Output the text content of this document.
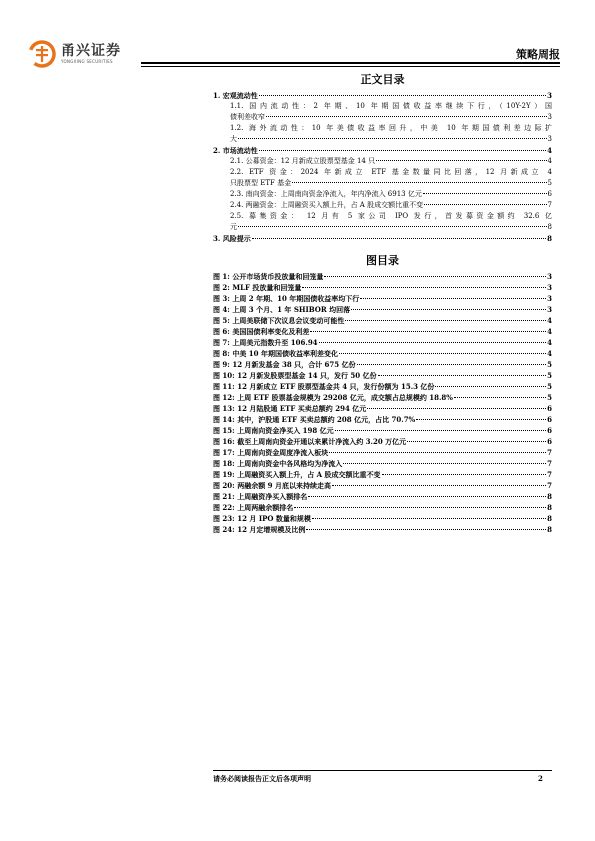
甬兴证券
YONGXING SECURITIES
策略周报
正文目录
1. 宏观流动性	3
1.1. 国内流动性：2 年期、10 年期国债收益率继续下行，（10Y-2Y）国
债利差收窄	3
1.2. 海外流动性：10 年美债收益率回升，中美 10 年期国债利差边际扩
大	3
2. 市场流动性	4
2.1. 公募资金：12 月新成立股票型基金 14 只	4
2.2. ETF 资金：2024 年新成立 ETF 基金数量同比回落，12 月新成立 4
只股票型 ETF 基金	5
2.3. 南向资金：上周南向资金净流入，年内净流入 6913 亿元	6
2.4. 两融资金：上周融资买入额上升，占 A 股成交额比重不变	7
2.5. 募集资金： 12 月有 5 家公司 IPO 发行，首发募资金额约 32.6 亿
元	8
3. 风险提示	8
图目录
图 1: 公开市场货币投放量和回笼量	3
图 2: MLF 投放量和回笼量	3
图 3: 上周 2 年期、10 年期国债收益率均下行	3
图 4: 上周 3 个月、1 年 SHIBOR 均回落	3
图 5: 上周美联储下次议息会议变动可能性	4
图 6: 美国国债利率变化及利差	4
图 7: 上周美元指数升至 106.94	4
图 8: 中美 10 年期国债收益率利差变化	4
图 9: 12 月新发基金 38 只，合计 675 亿份	5
图 10: 12 月新发股票型基金 14 只，发行 50 亿份	5
图 11: 12 月新成立 ETF 股票型基金共 4 只，发行份额为 15.3 亿份	5
图 12: 上周 ETF 股票基金规模为 29208 亿元，成交额占总规模约 18.8%	5
图 13: 12 月陆股通 ETF 买卖总额约 294 亿元	6
图 14: 其中，沪股通 ETF 买卖总额约 208 亿元，占比 70.7%	6
图 15: 上周南向资金净买入 198 亿元	6
图 16: 截至上周南向资金开通以来累计净流入约 3.20 万亿元	6
图 17: 上周南向资金周度净流入板块	7
图 18: 上周南向资金中各风格均为净流入	7
图 19: 上周融资买入额上升，占 A 股成交额比重不变	7
图 20: 两融余额 9 月底以来持续走高	7
图 21: 上周融资净买入额排名	8
图 22: 上周两融余额排名	8
图 23: 12 月 IPO 数量和规模	8
图 24: 12 月定增规模及比例	8
请务必阅读报告正文后各项声明	2
